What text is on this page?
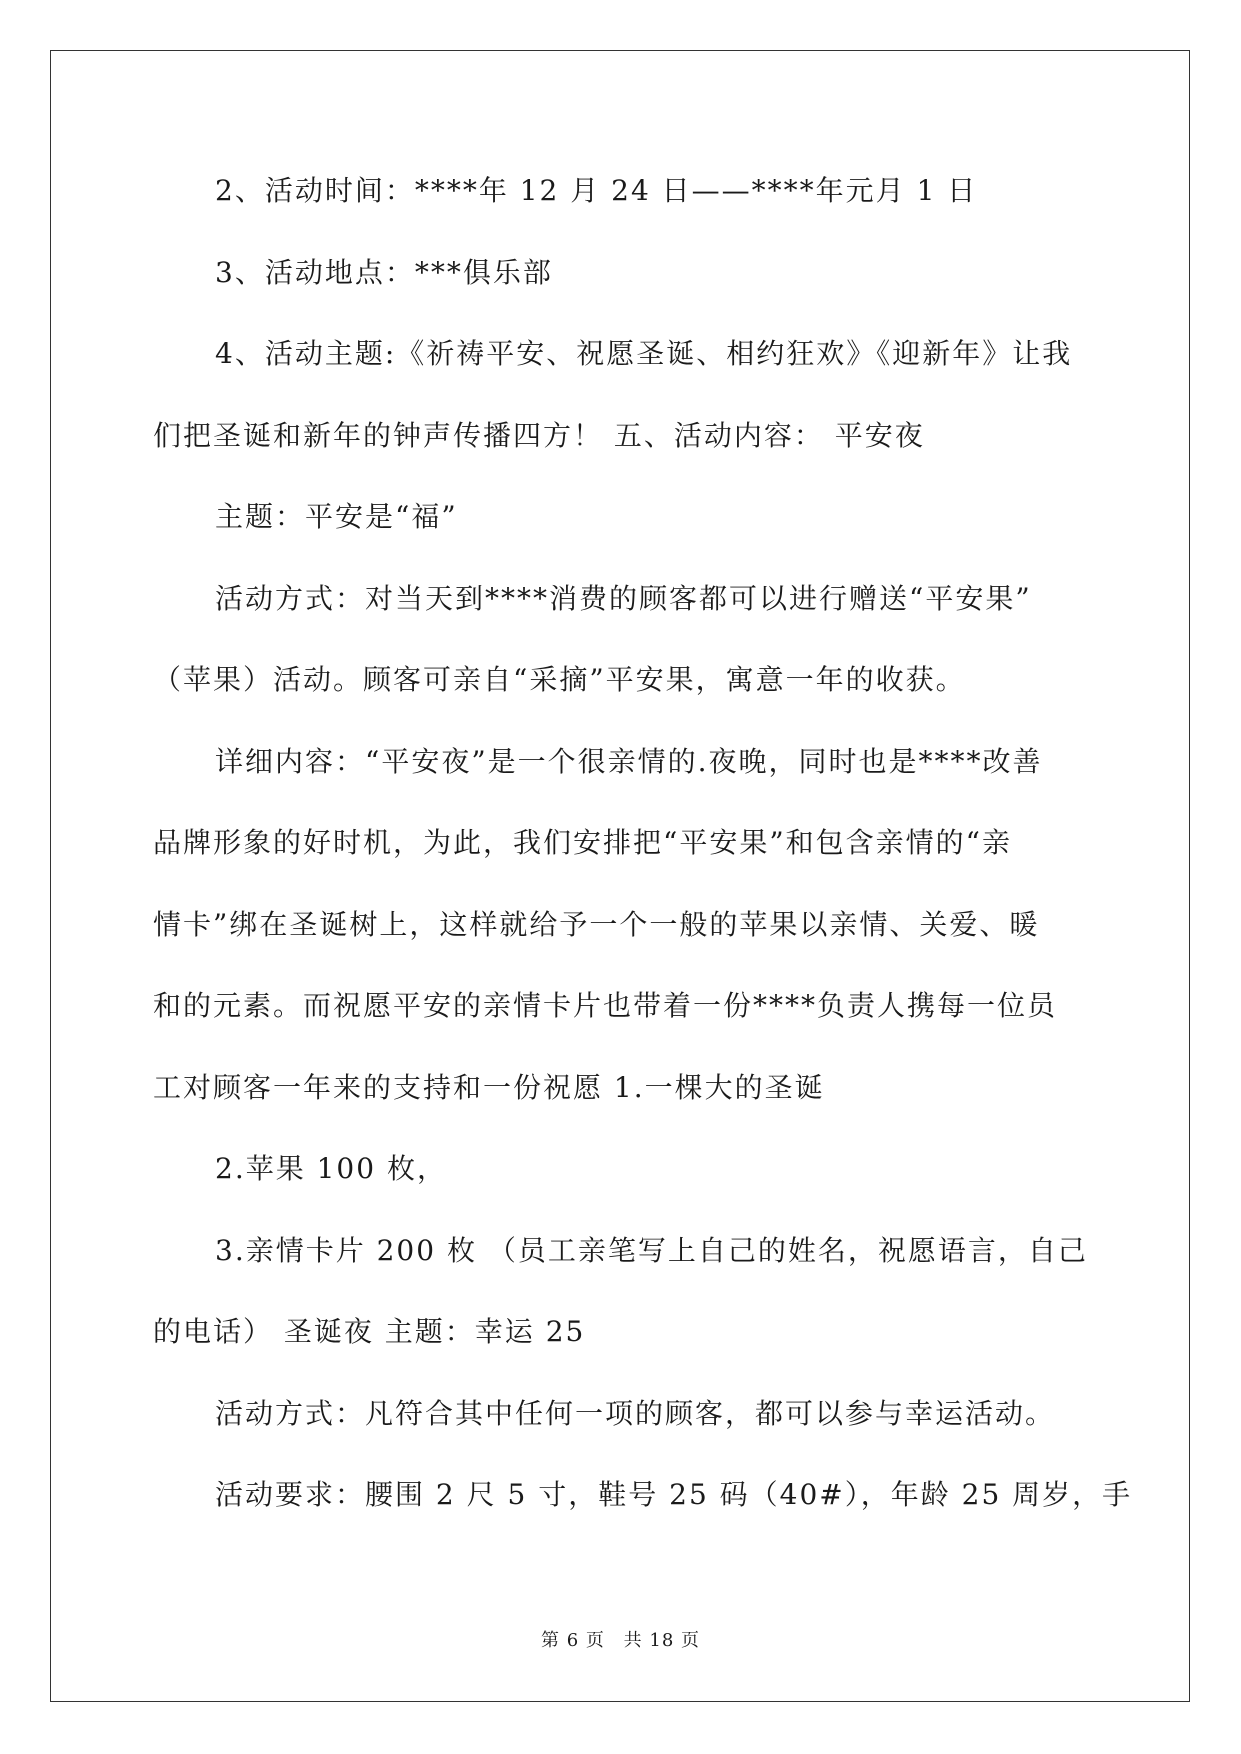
2、活动时间：****年 12 月 24 日——****年元月 1 日
3、活动地点：***俱乐部
4、活动主题:《祈祷平安、祝愿圣诞、相约狂欢》《迎新年》让我
们把圣诞和新年的钟声传播四方！ 五、活动内容： 平安夜
主题：平安是“福”
活动方式：对当天到****消费的顾客都可以进行赠送“平安果”
（苹果）活动。顾客可亲自“采摘”平安果，寓意一年的收获。
详细内容：“平安夜”是一个很亲情的.夜晚，同时也是****改善
品牌形象的好时机，为此，我们安排把“平安果”和包含亲情的“亲
情卡”绑在圣诞树上，这样就给予一个一般的苹果以亲情、关爱、暖
和的元素。而祝愿平安的亲情卡片也带着一份****负责人携每一位员
工对顾客一年来的支持和一份祝愿 1.一棵大的圣诞
2.苹果 100 枚，
3.亲情卡片 200 枚 （员工亲笔写上自己的姓名，祝愿语言，自己
的电话） 圣诞夜 主题：幸运 25
活动方式：凡符合其中任何一项的顾客，都可以参与幸运活动。
活动要求：腰围 2 尺 5 寸，鞋号 25 码（40#），年龄 25 周岁，手
第 6 页 共 18 页
